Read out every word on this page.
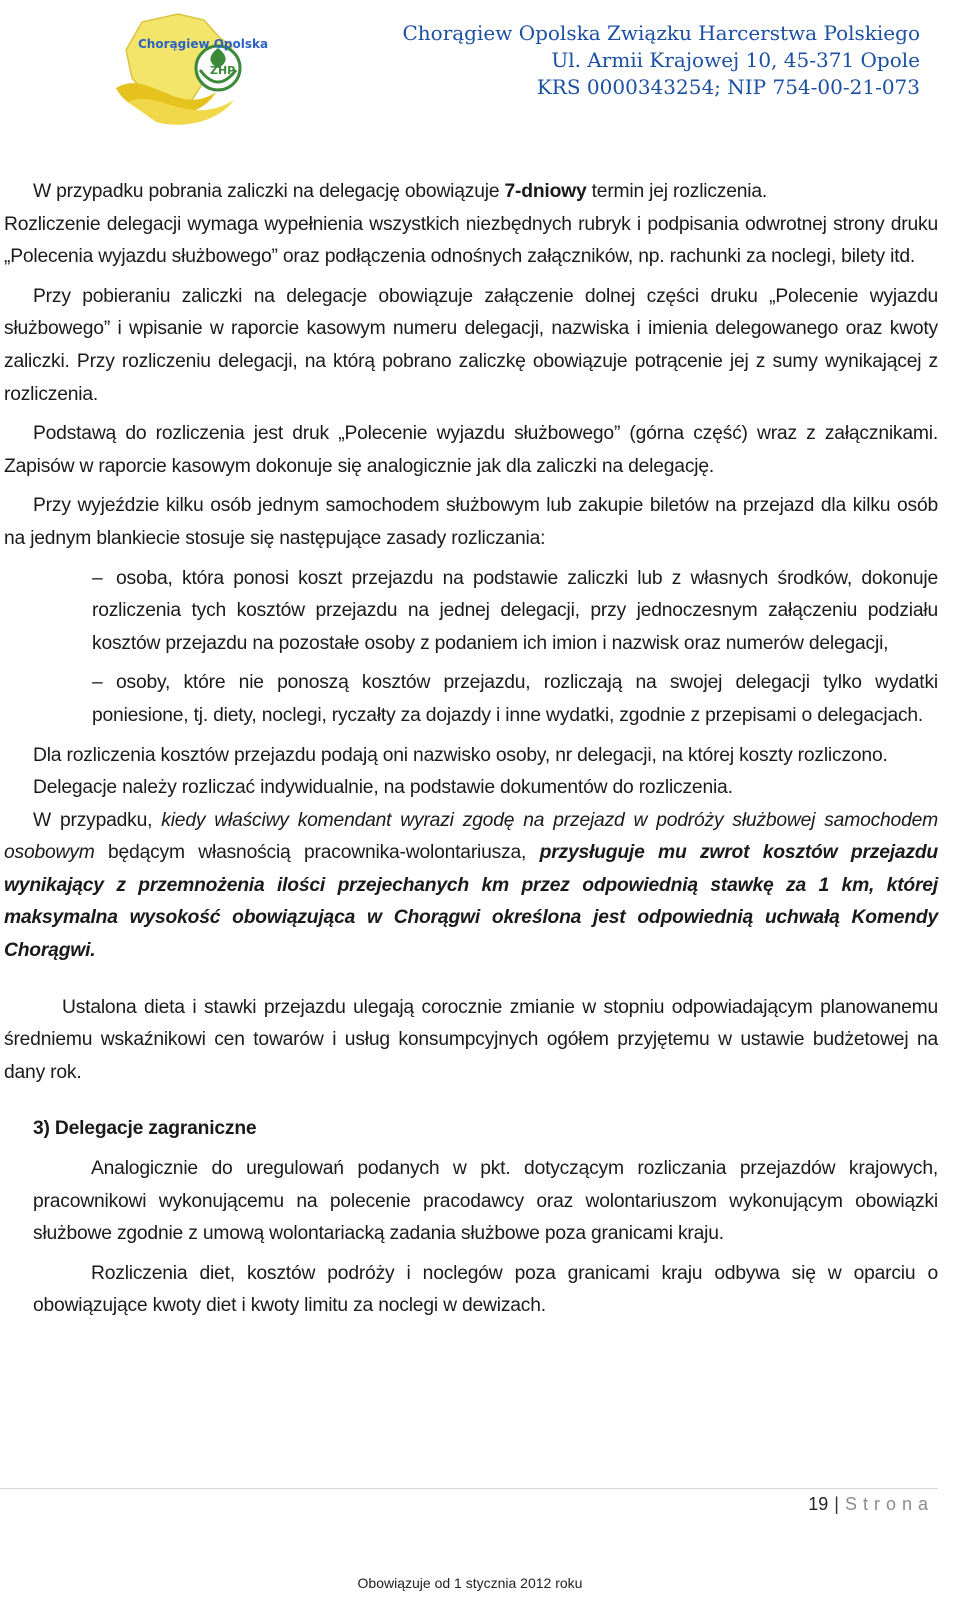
ZHP
Chorągiew Opolska	Chorągiew Opolska Związku Harcerstwa Polskiego
Ul. Armii Krajowej 10, 45-371 Opole
KRS 0000343254; NIP 754-00-21-073

W przypadku pobrania zaliczki na delegację obowiązuje 7-dniowy termin jej rozliczenia.

Rozliczenie delegacji wymaga wypełnienia wszystkich niezbędnych rubryk i podpisania odwrotnej strony druku „Polecenia wyjazdu służbowego” oraz podłączenia odnośnych załączników, np. rachunki za noclegi, bilety itd.

Przy pobieraniu zaliczki na delegacje obowiązuje załączenie dolnej części druku „Polecenie wyjazdu służbowego” i wpisanie w raporcie kasowym numeru delegacji, nazwiska i imienia delegowanego oraz kwoty zaliczki. Przy rozliczeniu delegacji, na którą pobrano zaliczkę obowiązuje potrącenie jej z sumy wynikającej z rozliczenia.

Podstawą do rozliczenia jest druk „Polecenie wyjazdu służbowego” (górna część) wraz z załącznikami. Zapisów w raporcie kasowym dokonuje się analogicznie jak dla zaliczki na delegację.

Przy wyjeździe kilku osób jednym samochodem służbowym lub zakupie biletów na przejazd dla kilku osób na jednym blankiecie stosuje się następujące zasady rozliczania:

– osoba, która ponosi koszt przejazdu na podstawie zaliczki lub z własnych środków, dokonuje rozliczenia tych kosztów przejazdu na jednej delegacji, przy jednoczesnym załączeniu podziału kosztów przejazdu na pozostałe osoby z podaniem ich imion i nazwisk oraz numerów delegacji,

– osoby, które nie ponoszą kosztów przejazdu, rozliczają na swojej delegacji tylko wydatki poniesione, tj. diety, noclegi, ryczałty za dojazdy i inne wydatki, zgodnie z przepisami o delegacjach.

Dla rozliczenia kosztów przejazdu podają oni nazwisko osoby, nr delegacji, na której koszty rozliczono.

Delegacje należy rozliczać indywidualnie, na podstawie dokumentów do rozliczenia.

W przypadku, kiedy właściwy komendant wyrazi zgodę na przejazd w podróży służbowej samochodem osobowym będącym własnością pracownika-wolontariusza, przysługuje mu zwrot kosztów przejazdu wynikający z przemnożenia ilości przejechanych km przez odpowiednią stawkę za 1 km, której maksymalna wysokość obowiązująca w Chorągwi określona jest odpowiednią uchwałą Komendy Chorągwi.

Ustalona dieta i stawki przejazdu ulegają corocznie zmianie w stopniu odpowiadającym planowanemu średniemu wskaźnikowi cen towarów i usług konsumpcyjnych ogółem przyjętemu w ustawie budżetowej na dany rok.

3) Delegacje zagraniczne

Analogicznie do uregulowań podanych w pkt. dotyczącym rozliczania przejazdów krajowych, pracownikowi wykonującemu na polecenie pracodawcy oraz wolontariuszom wykonującym obowiązki służbowe zgodnie z umową wolontariacką zadania służbowe poza granicami kraju.

Rozliczenia diet, kosztów podróży i noclegów poza granicami kraju odbywa się w oparciu o obowiązujące kwoty diet i kwoty limitu za noclegi w dewizach.

19 | Strona
Obowiązuje od 1 stycznia 2012 roku
